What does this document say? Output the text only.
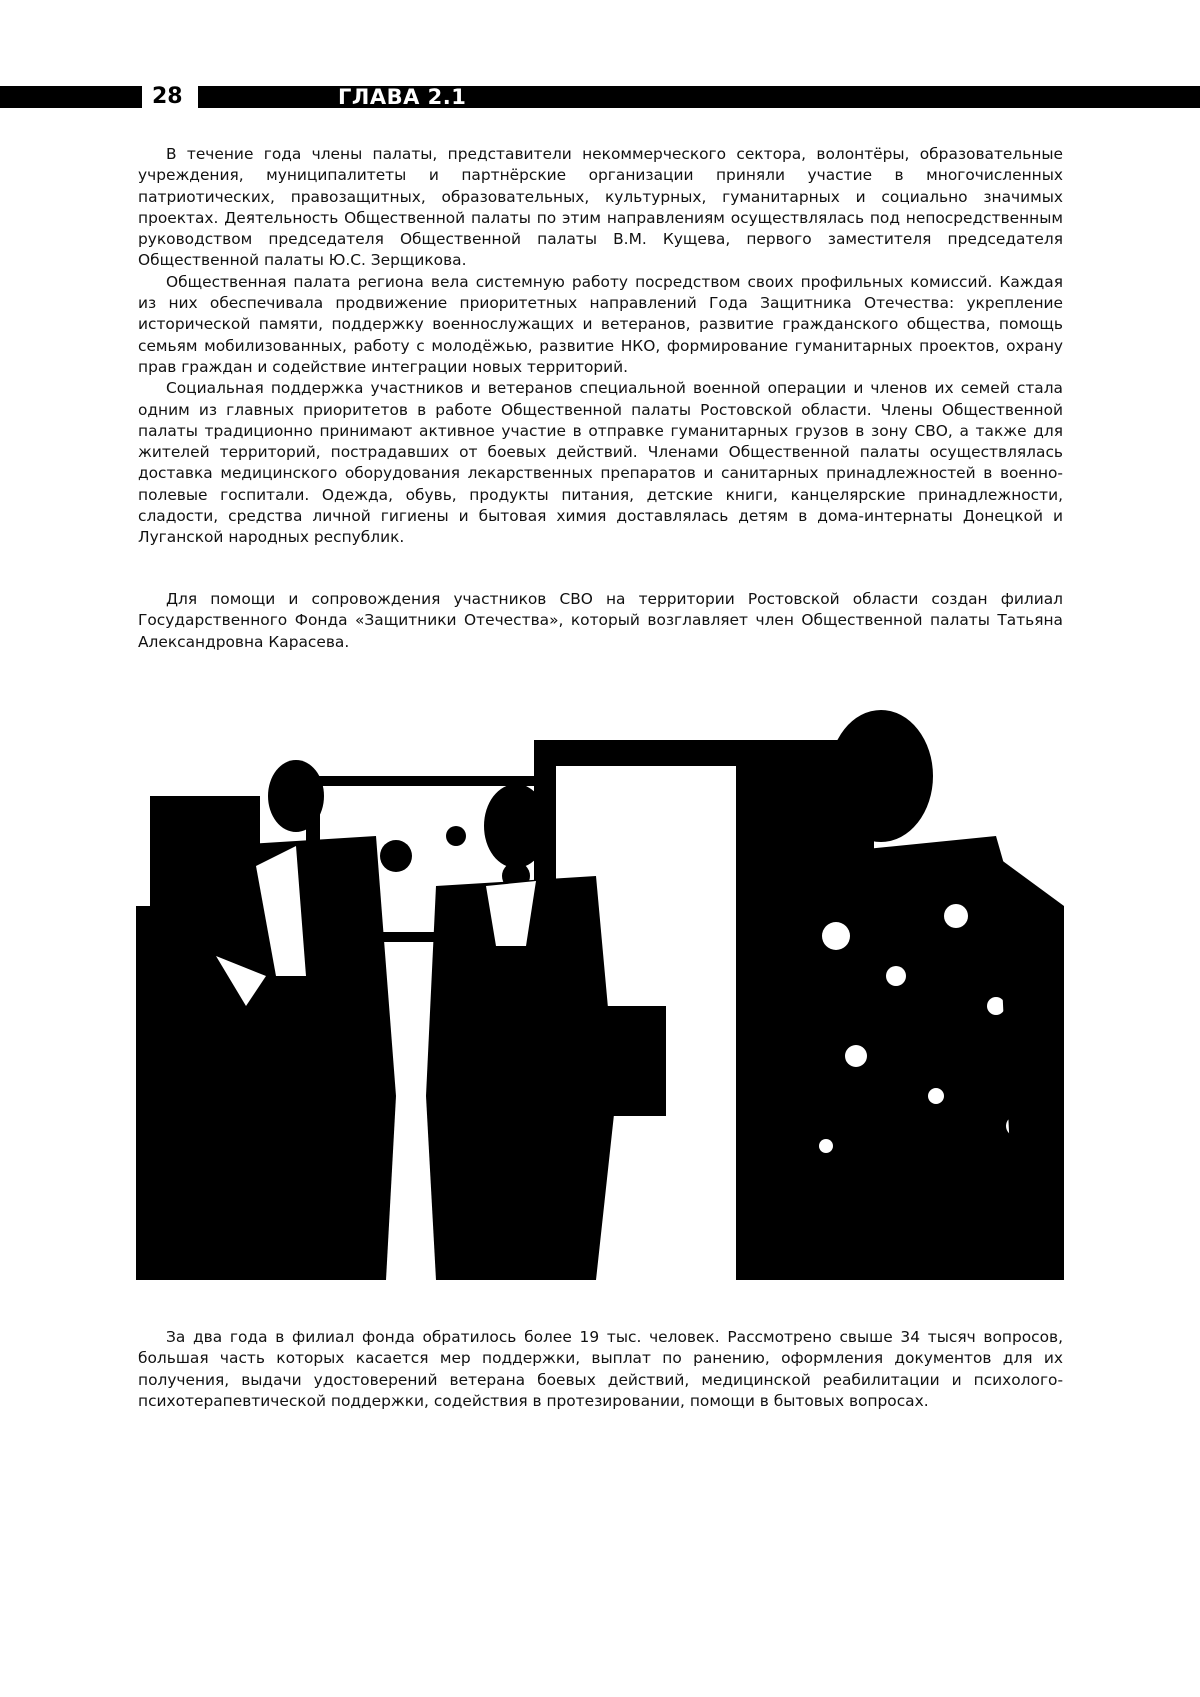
28	ГЛАВА 2.1

В течение года члены палаты, представители некоммерческого сектора, волонтёры, образовательные учреждения, муниципалитеты и партнёрские организации приняли участие в многочисленных патриотических, правозащитных, образовательных, культурных, гуманитарных и социально значимых проектах. Деятельность Общественной палаты по этим направлениям осуществлялась под непосредственным руководством председателя Общественной палаты В.М. Кущева, первого заместителя председателя Общественной палаты Ю.С. Зерщикова.

Общественная палата региона вела системную работу посредством своих профильных комиссий. Каждая из них обеспечивала продвижение приоритетных направлений Года Защитника Отечества: укрепление исторической памяти, поддержку военнослужащих и ветеранов, развитие гражданского общества, помощь семьям мобилизованных, работу с молодёжью, развитие НКО, формирование гуманитарных проектов, охрану прав граждан и содействие интеграции новых территорий.

Социальная поддержка участников и ветеранов специальной военной операции и членов их семей стала одним из главных приоритетов в работе Общественной палаты Ростовской области. Члены Общественной палаты традиционно принимают активное участие в отправке гуманитарных грузов в зону СВО, а также для жителей территорий, пострадавших от боевых действий. Членами Общественной палаты осуществлялась доставка медицинского оборудования лекарственных препаратов и санитарных принадлежностей в военно-полевые госпитали. Одежда, обувь, продукты питания, детские книги, канцелярские принадлежности, сладости, средства личной гигиены и бытовая химия доставлялась детям в дома-интернаты Донецкой и Луганской народных республик.

Для помощи и сопровождения участников СВО на территории Ростовской области создан филиал Государственного Фонда «Защитники Отечества», который возглавляет член Общественной палаты Татьяна Александровна Карасева.

За два года в филиал фонда обратилось более 19 тыс. человек. Рассмотрено свыше 34 тысяч вопросов, большая часть которых касается мер поддержки, выплат по ранению, оформления документов для их получения, выдачи удостоверений ветерана боевых действий, медицинской реабилитации и психолого-психотерапевтической поддержки, содействия в протезировании, помощи в бытовых вопросах.
